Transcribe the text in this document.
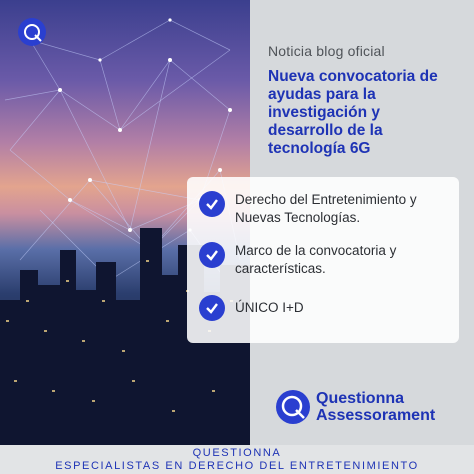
Noticia blog oficial
Nueva convocatoria de ayudas para la investigación y desarrollo de la tecnología 6G
Derecho del Entretenimiento y Nuevas Tecnologías.
Marco de la convocatoria y características.
ÚNICO I+D
Questionna
Assessorament
QUESTIONNA
ESPECIALISTAS EN DERECHO DEL ENTRETENIMIENTO
